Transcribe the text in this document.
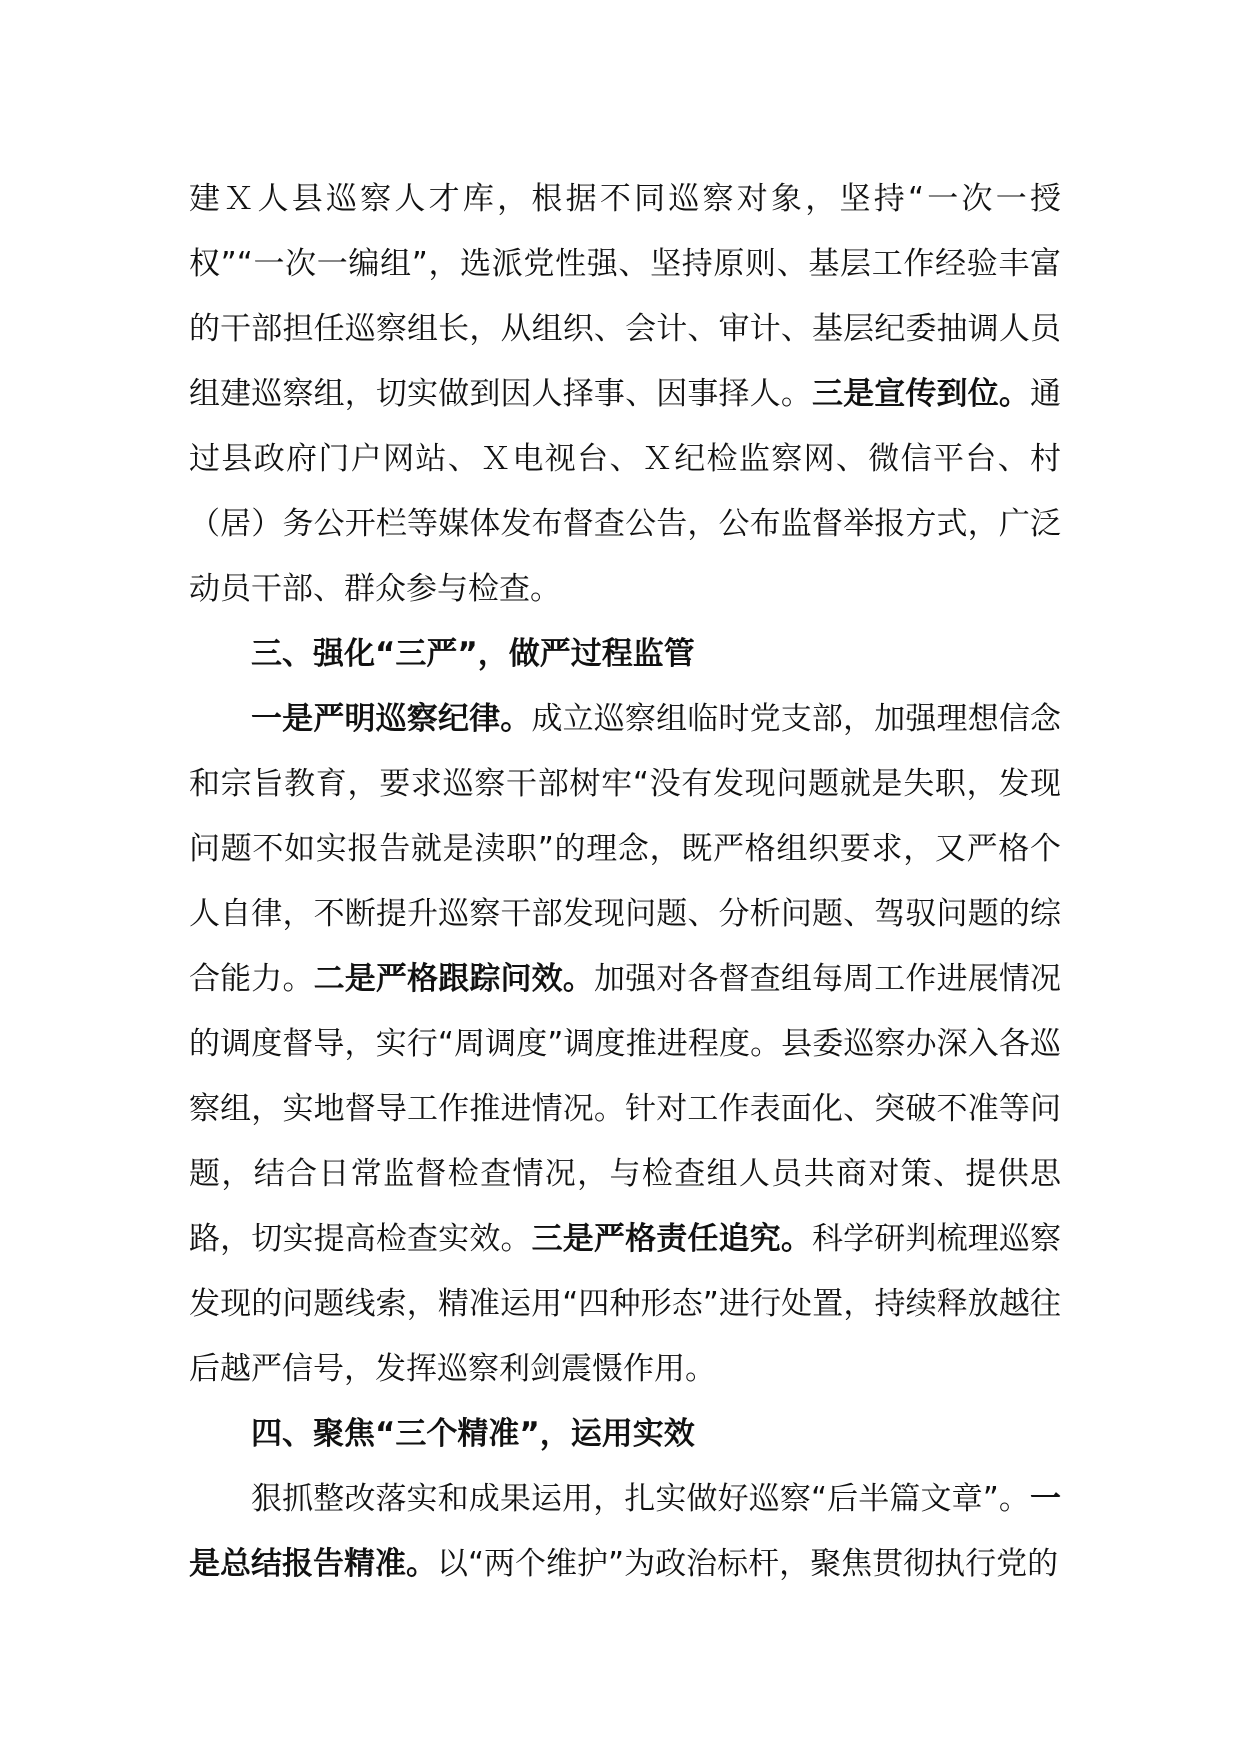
建Ｘ人县巡察人才库，根据不同巡察对象，坚持“一次一授权”“一次一编组”，选派党性强、坚持原则、基层工作经验丰富的干部担任巡察组长，从组织、会计、审计、基层纪委抽调人员组建巡察组，切实做到因人择事、因事择人。三是宣传到位。通过县政府门户网站、Ｘ电视台、Ｘ纪检监察网、微信平台、村（居）务公开栏等媒体发布督查公告，公布监督举报方式，广泛动员干部、群众参与检查。

三、强化“三严”，做严过程监管

一是严明巡察纪律。成立巡察组临时党支部，加强理想信念和宗旨教育，要求巡察干部树牢“没有发现问题就是失职，发现问题不如实报告就是渎职”的理念，既严格组织要求，又严格个人自律，不断提升巡察干部发现问题、分析问题、驾驭问题的综合能力。二是严格跟踪问效。加强对各督查组每周工作进展情况的调度督导，实行“周调度”调度推进程度。县委巡察办深入各巡察组，实地督导工作推进情况。针对工作表面化、突破不准等问题，结合日常监督检查情况，与检查组人员共商对策、提供思路，切实提高检查实效。三是严格责任追究。科学研判梳理巡察发现的问题线索，精准运用“四种形态”进行处置，持续释放越往后越严信号，发挥巡察利剑震慑作用。

四、聚焦“三个精准”，运用实效

狠抓整改落实和成果运用，扎实做好巡察“后半篇文章”。一是总结报告精准。以“两个维护”为政治标杆，聚焦贯彻执行党的
